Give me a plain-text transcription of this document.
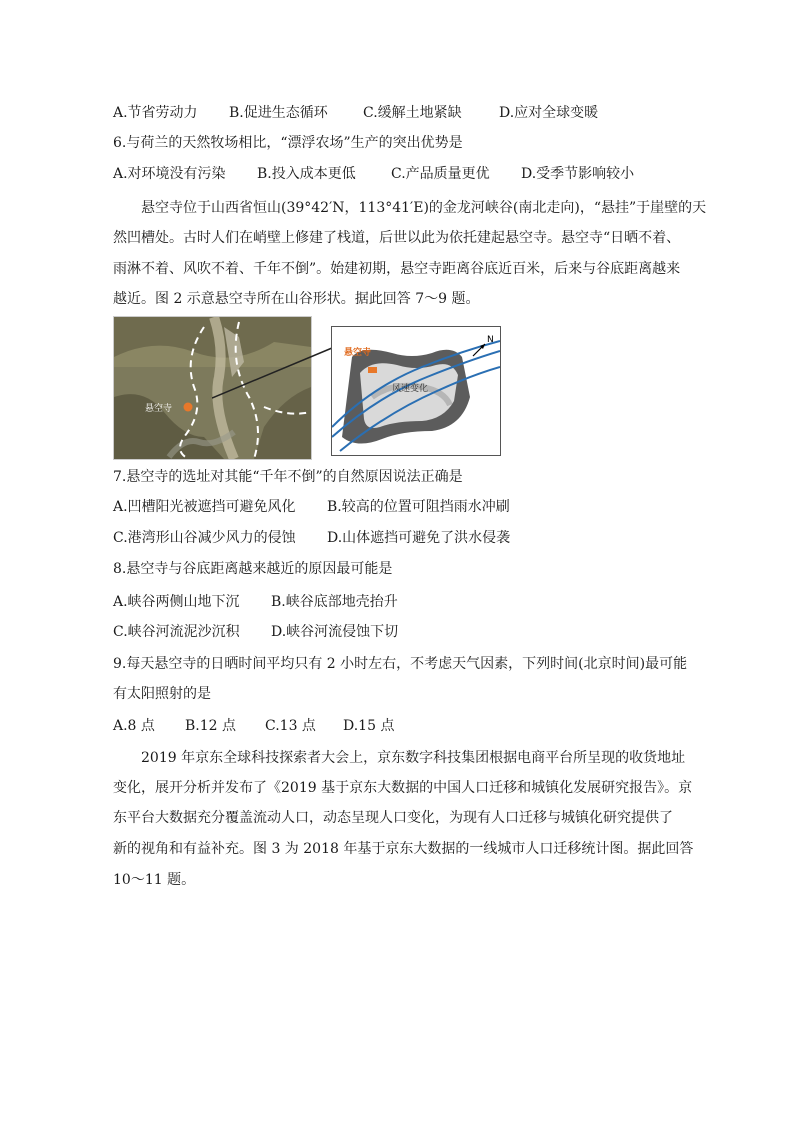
A.节省劳动力 B.促进生态循环	C.缓解土地紧缺	D.应对全球变暖
6.与荷兰的天然牧场相比，“漂浮农场”生产的突出优势是
A.对环境没有污染 B.投入成本更低	C.产品质量更优 D.受季节影响较小
悬空寺位于山西省恒山(39°42′N，113°41′E)的金龙河峡谷(南北走向)，“悬挂”于崖壁的天
然凹槽处。古时人们在峭壁上修建了栈道，后世以此为依托建起悬空寺。悬空寺“日晒不着、
雨淋不着、风吹不着、千年不倒”。始建初期，悬空寺距离谷底近百米，后来与谷底距离越来
越近。图 2 示意悬空寺所在山谷形状。据此回答 7～9 题。
悬空寺
悬空寺
风速变化
N
7.悬空寺的选址对其能“千年不倒”的自然原因说法正确是
A.凹槽阳光被遮挡可避免风化 B.较高的位置可阻挡雨水冲刷
C.港湾形山谷减少风力的侵蚀 D.山体遮挡可避免了洪水侵袭
8.悬空寺与谷底距离越来越近的原因最可能是
A.峡谷两侧山地下沉 B.峡谷底部地壳抬升
C.峡谷河流泥沙沉积 D.峡谷河流侵蚀下切
9.每天悬空寺的日晒时间平均只有 2 小时左右，不考虑天气因素，下列时间(北京时间)最可能
有太阳照射的是
A.8 点 B.12 点 C.13 点 D.15 点
2019 年京东全球科技探索者大会上，京东数字科技集团根据电商平台所呈现的收货地址
变化，展开分析并发布了《2019 基于京东大数据的中国人口迁移和城镇化发展研究报告》。京
东平台大数据充分覆盖流动人口，动态呈现人口变化，为现有人口迁移与城镇化研究提供了
新的视角和有益补充。图 3 为 2018 年基于京东大数据的一线城市人口迁移统计图。据此回答
10～11 题。
